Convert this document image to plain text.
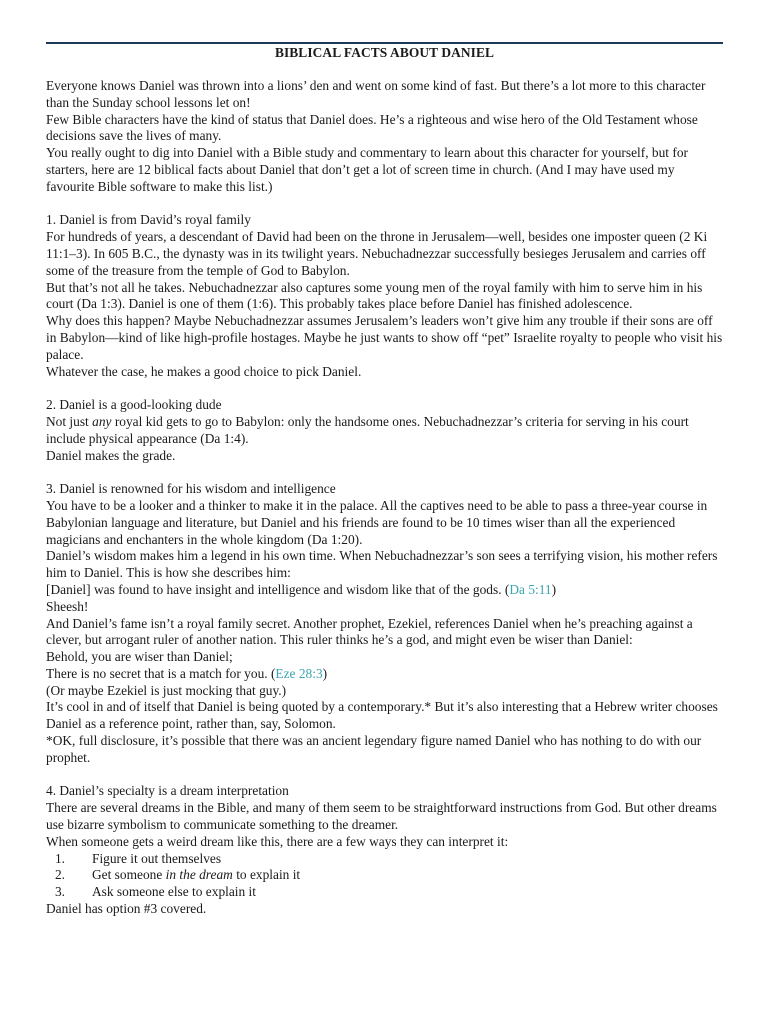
BIBLICAL FACTS ABOUT DANIEL

Everyone knows Daniel was thrown into a lions’ den and went on some kind of fast. But there’s a lot more to this character than the Sunday school lessons let on!

Few Bible characters have the kind of status that Daniel does. He’s a righteous and wise hero of the Old Testament whose decisions save the lives of many.

You really ought to dig into Daniel with a Bible study and commentary to learn about this character for yourself, but for starters, here are 12 biblical facts about Daniel that don’t get a lot of screen time in church. (And I may have used my favourite Bible software to make this list.)

1. Daniel is from David’s royal family

For hundreds of years, a descendant of David had been on the throne in Jerusalem—well, besides one imposter queen (2 Ki 11:1–3). In 605 B.C., the dynasty was in its twilight years. Nebuchadnezzar successfully besieges Jerusalem and carries off some of the treasure from the temple of God to Babylon.

But that’s not all he takes. Nebuchadnezzar also captures some young men of the royal family with him to serve him in his court (Da 1:3). Daniel is one of them (1:6). This probably takes place before Daniel has finished adolescence.

Why does this happen? Maybe Nebuchadnezzar assumes Jerusalem’s leaders won’t give him any trouble if their sons are off in Babylon—kind of like high-profile hostages. Maybe he just wants to show off “pet” Israelite royalty to people who visit his palace.

Whatever the case, he makes a good choice to pick Daniel.

2. Daniel is a good-looking dude

Not just any royal kid gets to go to Babylon: only the handsome ones. Nebuchadnezzar’s criteria for serving in his court include physical appearance (Da 1:4).

Daniel makes the grade.

3. Daniel is renowned for his wisdom and intelligence

You have to be a looker and a thinker to make it in the palace. All the captives need to be able to pass a three-year course in Babylonian language and literature, but Daniel and his friends are found to be 10 times wiser than all the experienced magicians and enchanters in the whole kingdom (Da 1:20).

Daniel’s wisdom makes him a legend in his own time. When Nebuchadnezzar’s son sees a terrifying vision, his mother refers him to Daniel. This is how she describes him:

[Daniel] was found to have insight and intelligence and wisdom like that of the gods. (Da 5:11)

Sheesh!

And Daniel’s fame isn’t a royal family secret. Another prophet, Ezekiel, references Daniel when he’s preaching against a clever, but arrogant ruler of another nation. This ruler thinks he’s a god, and might even be wiser than Daniel:

Behold, you are wiser than Daniel;

There is no secret that is a match for you. (Eze 28:3)

(Or maybe Ezekiel is just mocking that guy.)

It’s cool in and of itself that Daniel is being quoted by a contemporary.* But it’s also interesting that a Hebrew writer chooses Daniel as a reference point, rather than, say, Solomon.

*OK, full disclosure, it’s possible that there was an ancient legendary figure named Daniel who has nothing to do with our prophet.

4. Daniel’s specialty is a dream interpretation

There are several dreams in the Bible, and many of them seem to be straightforward instructions from God. But other dreams use bizarre symbolism to communicate something to the dreamer.

When someone gets a weird dream like this, there are a few ways they can interpret it:

1.	Figure it out themselves
2.	Get someone in the dream to explain it
3.	Ask someone else to explain it

Daniel has option #3 covered.
